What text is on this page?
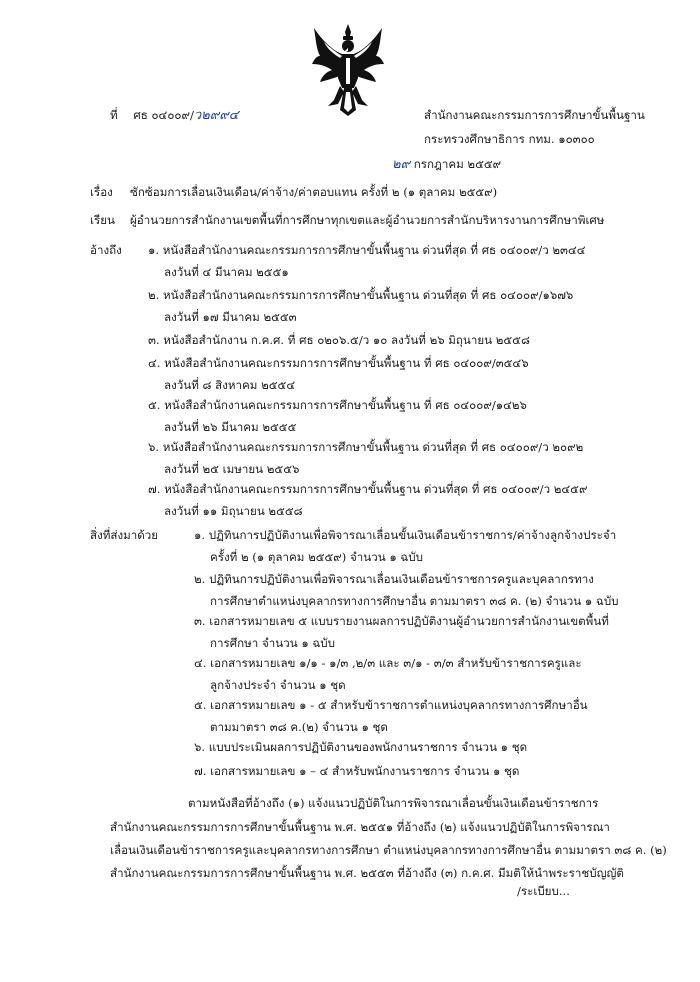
ที่ ศธ ๐๔๐๐๙/ว๒๙๙๔	สำนักงานคณะกรรมการการศึกษาขั้นพื้นฐาน
กระทรวงศึกษาธิการ กทม. ๑๐๓๐๐
๒๙ กรกฎาคม ๒๕๕๙
เรื่อง ซักซ้อมการเลื่อนเงินเดือน/ค่าจ้าง/ค่าตอบแทน ครั้งที่ ๒ (๑ ตุลาคม ๒๕๕๙)
เรียน ผู้อำนวยการสำนักงานเขตพื้นที่การศึกษาทุกเขตและผู้อำนวยการสำนักบริหารงานการศึกษาพิเศษ
อ้างถึง ๑. หนังสือสำนักงานคณะกรรมการการศึกษาขั้นพื้นฐาน ด่วนที่สุด ที่ ศธ ๐๔๐๐๙/ว ๒๓๔๔
ลงวันที่ ๔ มีนาคม ๒๕๕๑
๒. หนังสือสำนักงานคณะกรรมการการศึกษาขั้นพื้นฐาน ด่วนที่สุด ที่ ศธ ๐๔๐๐๙/๑๖๗๖
ลงวันที่ ๑๗ มีนาคม ๒๕๕๓
๓. หนังสือสำนักงาน ก.ค.ศ. ที่ ศธ ๐๒๐๖.๕/ว ๑๐ ลงวันที่ ๒๖ มิถุนายน ๒๕๕๘
๔. หนังสือสำนักงานคณะกรรมการการศึกษาขั้นพื้นฐาน ที่ ศธ ๐๔๐๐๙/๓๕๔๖
ลงวันที่ ๘ สิงหาคม ๒๕๕๔
๕. หนังสือสำนักงานคณะกรรมการการศึกษาขั้นพื้นฐาน ที่ ศธ ๐๔๐๐๙/๑๔๒๖
ลงวันที่ ๒๖ มีนาคม ๒๕๕๕
๖. หนังสือสำนักงานคณะกรรมการการศึกษาขั้นพื้นฐาน ด่วนที่สุด ที่ ศธ ๐๔๐๐๙/ว ๒๐๙๒
ลงวันที่ ๒๕ เมษายน ๒๕๕๖
๗. หนังสือสำนักงานคณะกรรมการการศึกษาขั้นพื้นฐาน ด่วนที่สุด ที่ ศธ ๐๔๐๐๙/ว ๒๔๕๙
ลงวันที่ ๑๑ มิถุนายน ๒๕๕๘
สิ่งที่ส่งมาด้วย	๑. ปฏิทินการปฏิบัติงานเพื่อพิจารณาเลื่อนขั้นเงินเดือนข้าราชการ/ค่าจ้างลูกจ้างประจำ
ครั้งที่ ๒ (๑ ตุลาคม ๒๕๕๙) จำนวน ๑ ฉบับ
๒. ปฏิทินการปฏิบัติงานเพื่อพิจารณาเลื่อนเงินเดือนข้าราชการครูและบุคลากรทาง
การศึกษาตำแหน่งบุคลากรทางการศึกษาอื่น ตามมาตรา ๓๘ ค. (๒) จำนวน ๑ ฉบับ
๓. เอกสารหมายเลข ๕ แบบรายงานผลการปฏิบัติงานผู้อำนวยการสำนักงานเขตพื้นที่
การศึกษา จำนวน ๑ ฉบับ
๔. เอกสารหมายเลข ๑/๑ - ๑/๓ ,๒/๓ และ ๓/๑ - ๓/๓ สำหรับข้าราชการครูและ
ลูกจ้างประจำ จำนวน ๑ ชุด
๕. เอกสารหมายเลข ๑ - ๕ สำหรับข้าราชการตำแหน่งบุคลากรทางการศึกษาอื่น
ตามมาตรา ๓๘ ค.(๒) จำนวน ๑ ชุด
๖. แบบประเมินผลการปฏิบัติงานของพนักงานราชการ จำนวน ๑ ชุด
๗. เอกสารหมายเลข ๑ – ๔ สำหรับพนักงานราชการ จำนวน ๑ ชุด
ตามหนังสือที่อ้างถึง (๑) แจ้งแนวปฏิบัติในการพิจารณาเลื่อนขั้นเงินเดือนข้าราชการ
สำนักงานคณะกรรมการการศึกษาขั้นพื้นฐาน พ.ศ. ๒๕๕๑ ที่อ้างถึง (๒) แจ้งแนวปฏิบัติในการพิจารณา
เลื่อนเงินเดือนข้าราชการครูและบุคลากรทางการศึกษา ตำแหน่งบุคลากรทางการศึกษาอื่น ตามมาตรา ๓๘ ค. (๒)
สำนักงานคณะกรรมการการศึกษาขั้นพื้นฐาน พ.ศ. ๒๕๕๓ ที่อ้างถึง (๓) ก.ค.ศ. มีมติให้นำพระราชบัญญัติ
/ระเบียบ...
